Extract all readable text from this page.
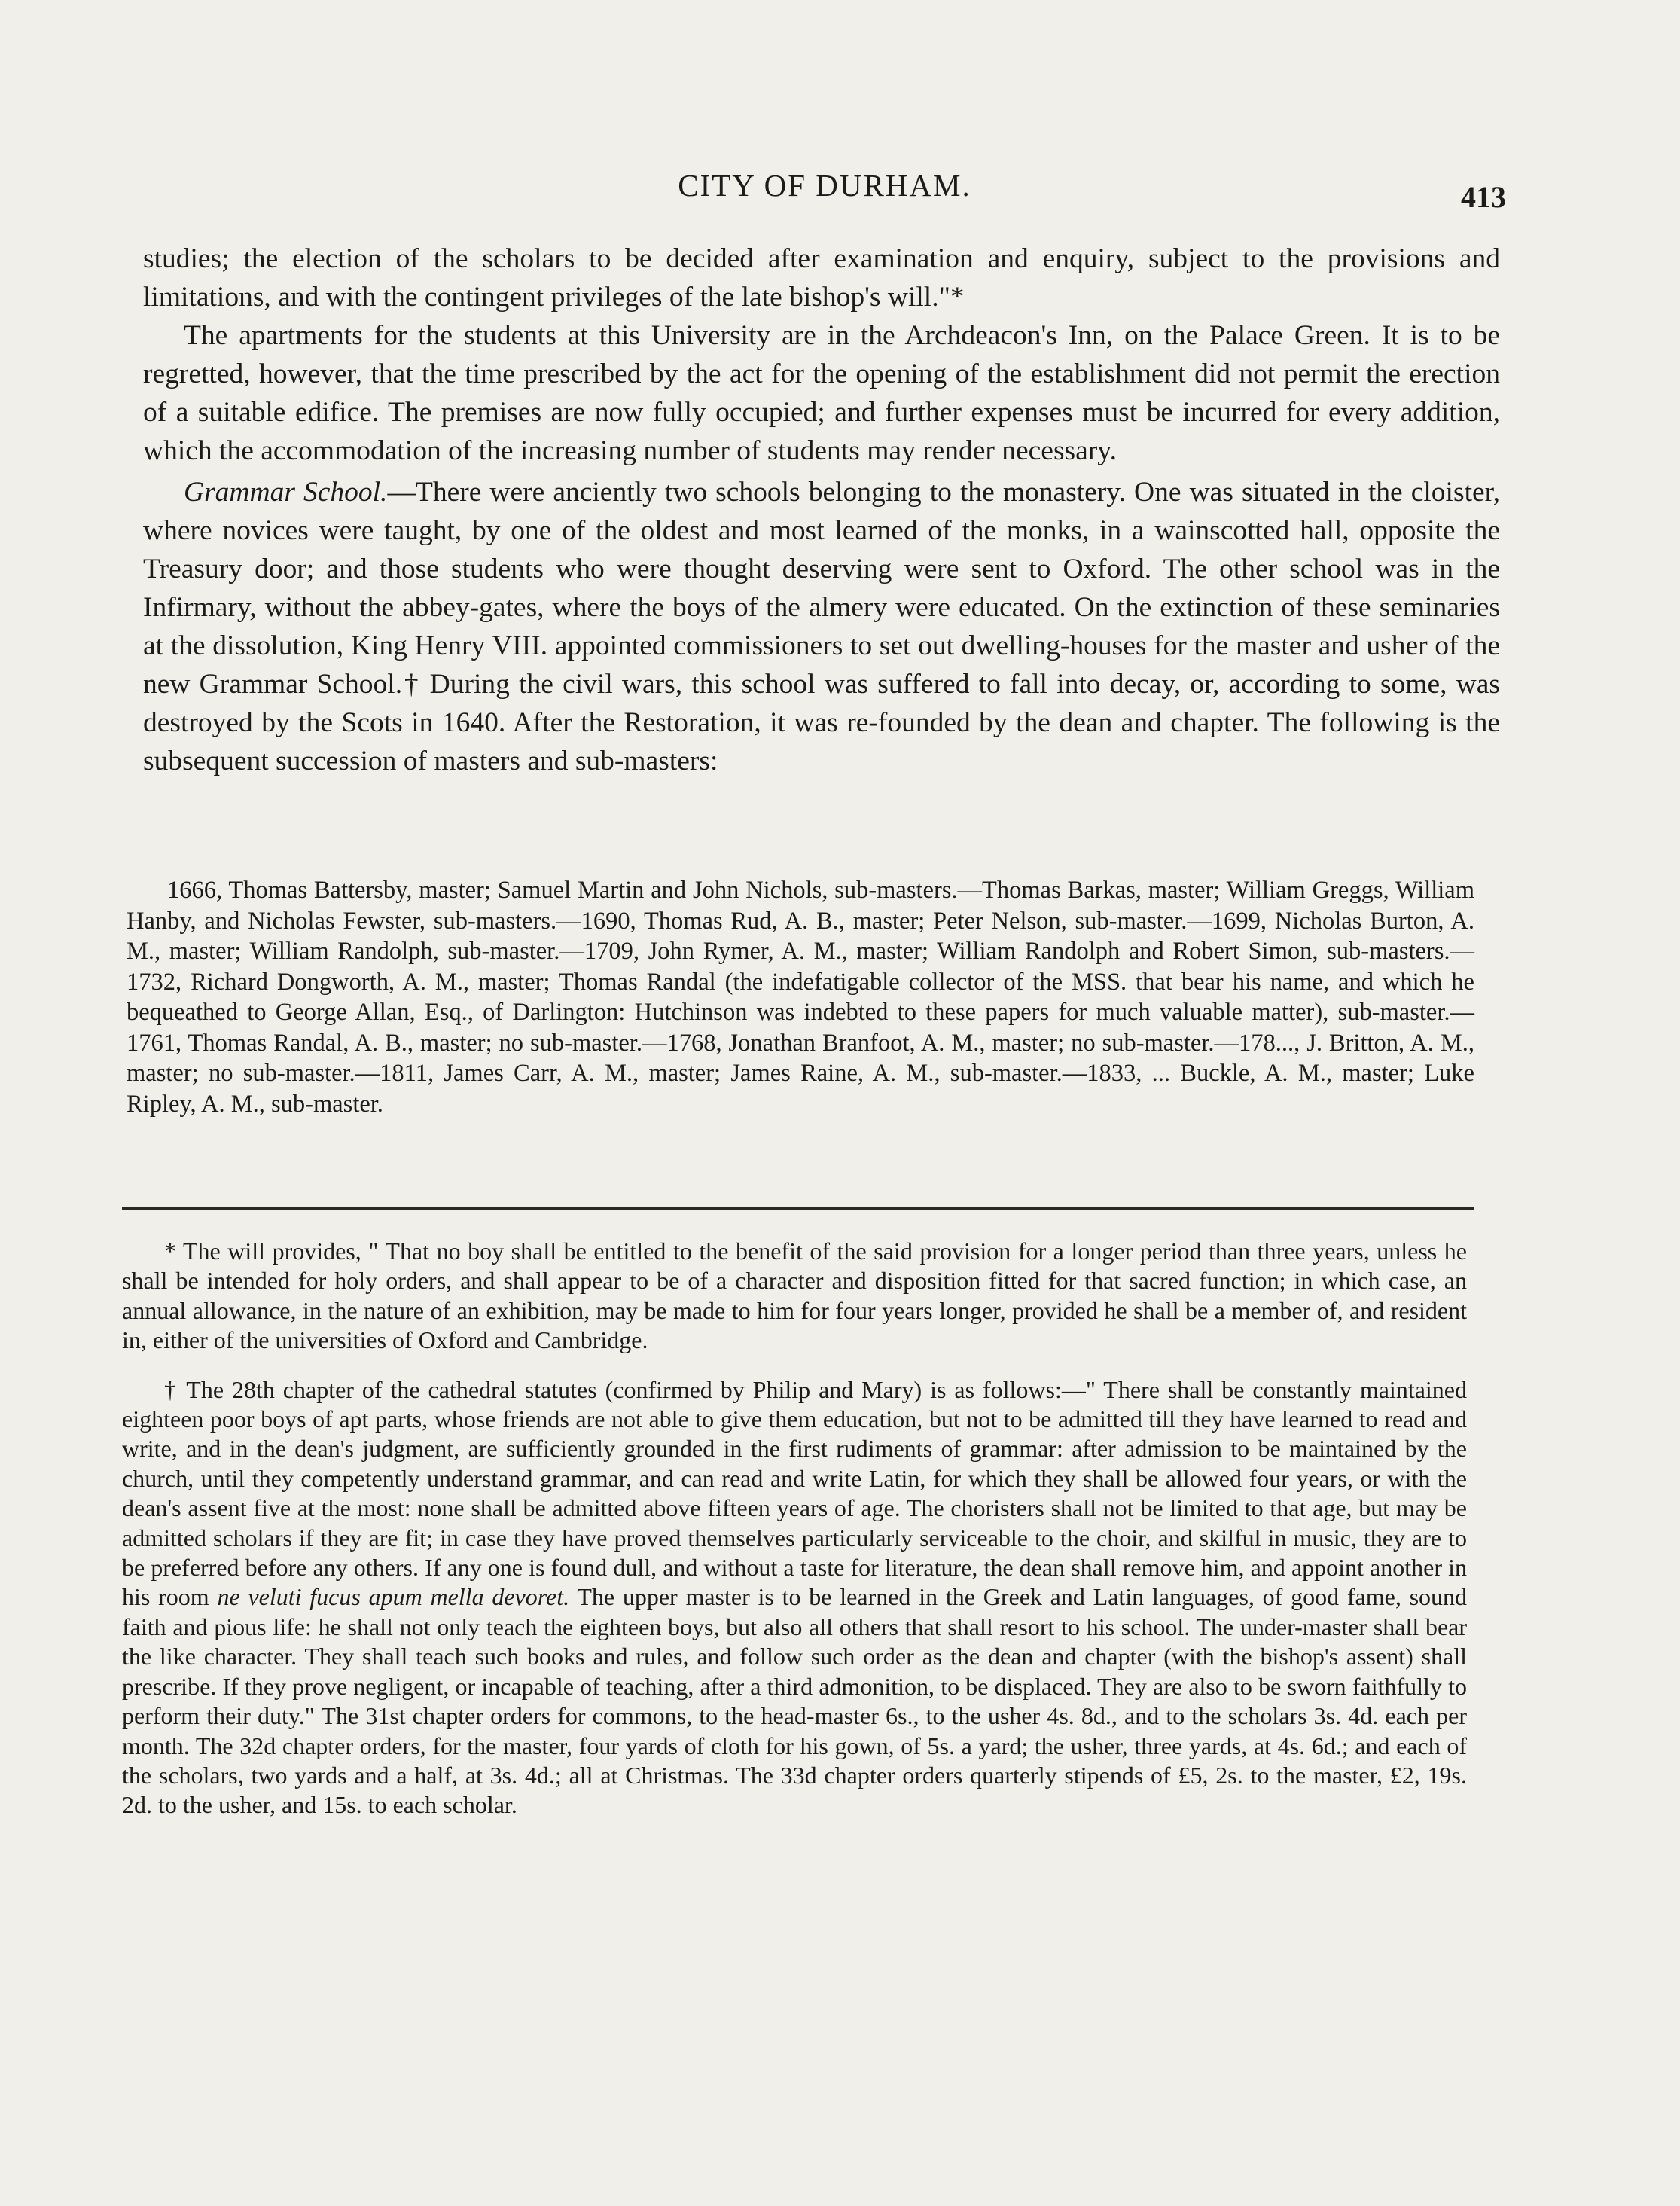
CITY OF DURHAM.	413

studies; the election of the scholars to be decided after examination and enquiry, subject to the provisions and limitations, and with the contingent privileges of the late bishop's will."*

The apartments for the students at this University are in the Archdeacon's Inn, on the Palace Green. It is to be regretted, however, that the time prescribed by the act for the opening of the establishment did not permit the erection of a suitable edifice. The premises are now fully occupied; and further expenses must be incurred for every addition, which the accommodation of the increasing number of students may render necessary.

Grammar School.—There were anciently two schools belonging to the monastery. One was situated in the cloister, where novices were taught, by one of the oldest and most learned of the monks, in a wainscotted hall, opposite the Treasury door; and those students who were thought deserving were sent to Oxford. The other school was in the Infirmary, without the abbey-gates, where the boys of the almery were educated. On the extinction of these seminaries at the dissolution, King Henry VIII. appointed commissioners to set out dwelling-houses for the master and usher of the new Grammar School.† During the civil wars, this school was suffered to fall into decay, or, according to some, was destroyed by the Scots in 1640. After the Restoration, it was re-founded by the dean and chapter. The following is the subsequent succession of masters and sub-masters:

1666, Thomas Battersby, master; Samuel Martin and John Nichols, sub-masters.—Thomas Barkas, master; William Greggs, William Hanby, and Nicholas Fewster, sub-masters.—1690, Thomas Rud, A. B., master; Peter Nelson, sub-master.—1699, Nicholas Burton, A. M., master; William Randolph, sub-master.—1709, John Rymer, A. M., master; William Randolph and Robert Simon, sub-masters.—1732, Richard Dongworth, A. M., master; Thomas Randal (the indefatigable collector of the MSS. that bear his name, and which he bequeathed to George Allan, Esq., of Darlington: Hutchinson was indebted to these papers for much valuable matter), sub-master.—1761, Thomas Randal, A. B., master; no sub-master.—1768, Jonathan Branfoot, A. M., master; no sub-master.—178..., J. Britton, A. M., master; no sub-master.—1811, James Carr, A. M., master; James Raine, A. M., sub-master.—1833, ... Buckle, A. M., master; Luke Ripley, A. M., sub-master.

* The will provides, " That no boy shall be entitled to the benefit of the said provision for a longer period than three years, unless he shall be intended for holy orders, and shall appear to be of a character and disposition fitted for that sacred function; in which case, an annual allowance, in the nature of an exhibition, may be made to him for four years longer, provided he shall be a member of, and resident in, either of the universities of Oxford and Cambridge.

† The 28th chapter of the cathedral statutes (confirmed by Philip and Mary) is as follows:—" There shall be constantly maintained eighteen poor boys of apt parts, whose friends are not able to give them education, but not to be admitted till they have learned to read and write, and in the dean's judgment, are sufficiently grounded in the first rudiments of grammar: after admission to be maintained by the church, until they competently understand grammar, and can read and write Latin, for which they shall be allowed four years, or with the dean's assent five at the most: none shall be admitted above fifteen years of age. The choristers shall not be limited to that age, but may be admitted scholars if they are fit; in case they have proved themselves particularly serviceable to the choir, and skilful in music, they are to be preferred before any others. If any one is found dull, and without a taste for literature, the dean shall remove him, and appoint another in his room ne veluti fucus apum mella devoret. The upper master is to be learned in the Greek and Latin languages, of good fame, sound faith and pious life: he shall not only teach the eighteen boys, but also all others that shall resort to his school. The under-master shall bear the like character. They shall teach such books and rules, and follow such order as the dean and chapter (with the bishop's assent) shall prescribe. If they prove negligent, or incapable of teaching, after a third admonition, to be displaced. They are also to be sworn faithfully to perform their duty." The 31st chapter orders for commons, to the head-master 6s., to the usher 4s. 8d., and to the scholars 3s. 4d. each per month. The 32d chapter orders, for the master, four yards of cloth for his gown, of 5s. a yard; the usher, three yards, at 4s. 6d.; and each of the scholars, two yards and a half, at 3s. 4d.; all at Christmas. The 33d chapter orders quarterly stipends of £5, 2s. to the master, £2, 19s. 2d. to the usher, and 15s. to each scholar.
